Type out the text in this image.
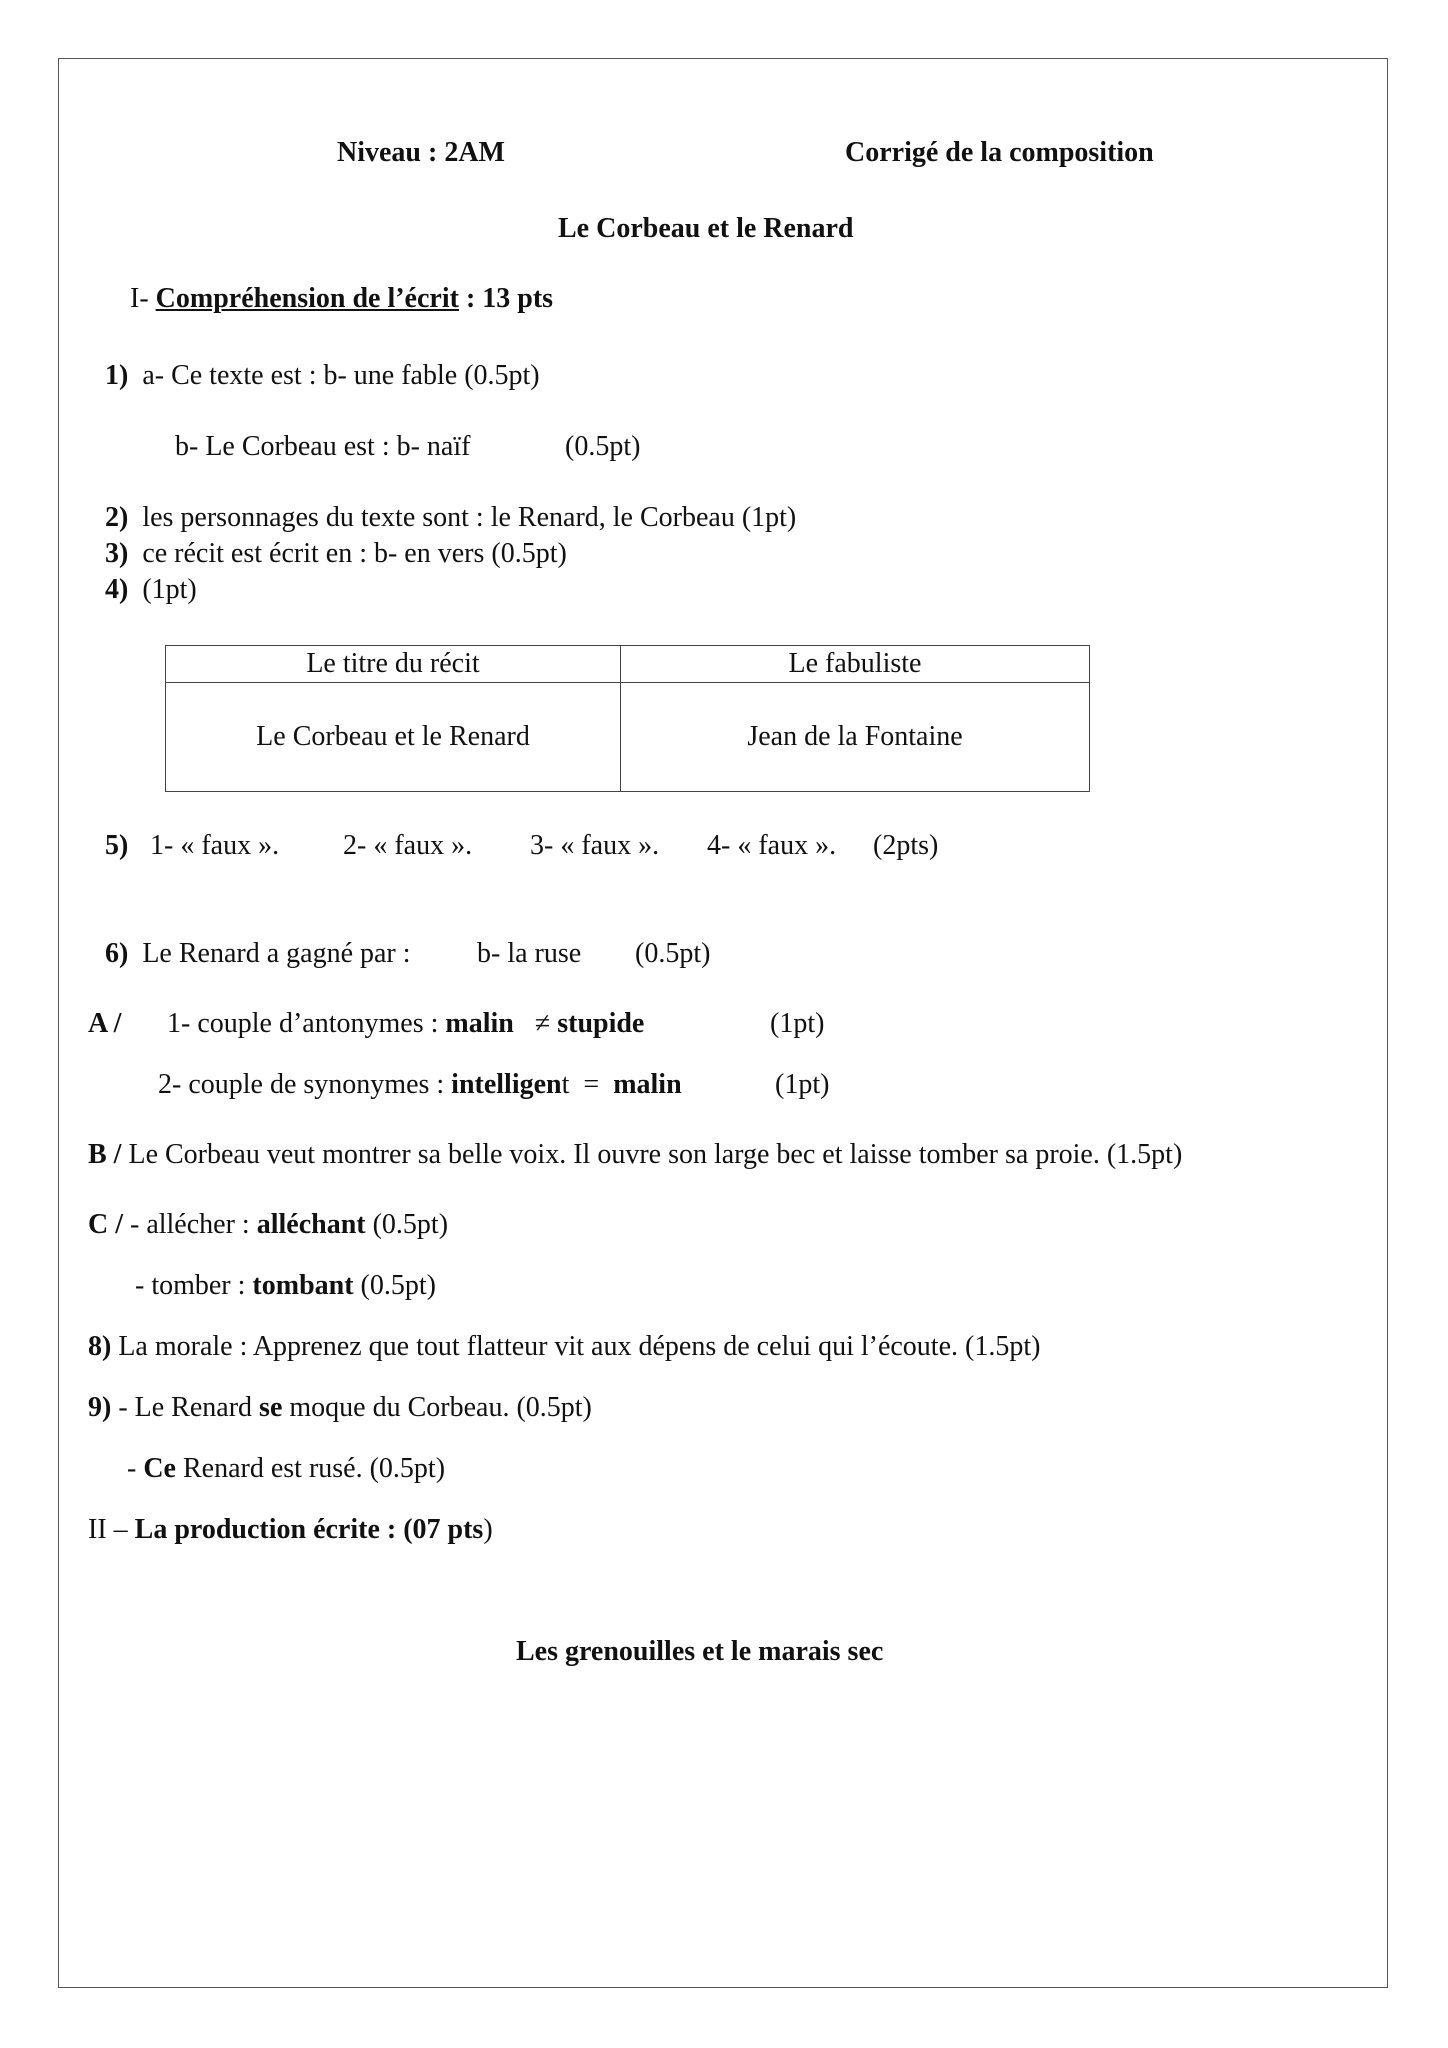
Niveau : 2AM	Corrigé de la composition
Le Corbeau et le Renard
I- Compréhension de l’écrit : 13 pts
1) a- Ce texte est : b- une fable (0.5pt)
b- Le Corbeau est : b- naïf	(0.5pt)
2) les personnages du texte sont : le Renard, le Corbeau (1pt)
3) ce récit est écrit en : b- en vers (0.5pt)
4) (1pt)
Le titre du récit	Le fabuliste
Le Corbeau et le Renard	Jean de la Fontaine
5) 1- « faux ». 2- « faux ». 3- « faux ». 4- « faux ». (2pts)
6) Le Renard a gagné par : b- la ruse (0.5pt)
A / 1- couple d’antonymes : malin ≠ stupide	(1pt)
2- couple de synonymes : intelligent = malin	(1pt)
B / Le Corbeau veut montrer sa belle voix. Il ouvre son large bec et laisse tomber sa proie. (1.5pt)
C / - allécher : alléchant (0.5pt)
- tomber : tombant (0.5pt)
8) La morale : Apprenez que tout flatteur vit aux dépens de celui qui l’écoute. (1.5pt)
9) - Le Renard se moque du Corbeau. (0.5pt)
- Ce Renard est rusé. (0.5pt)
II – La production écrite : (07 pts)
Les grenouilles et le marais sec
